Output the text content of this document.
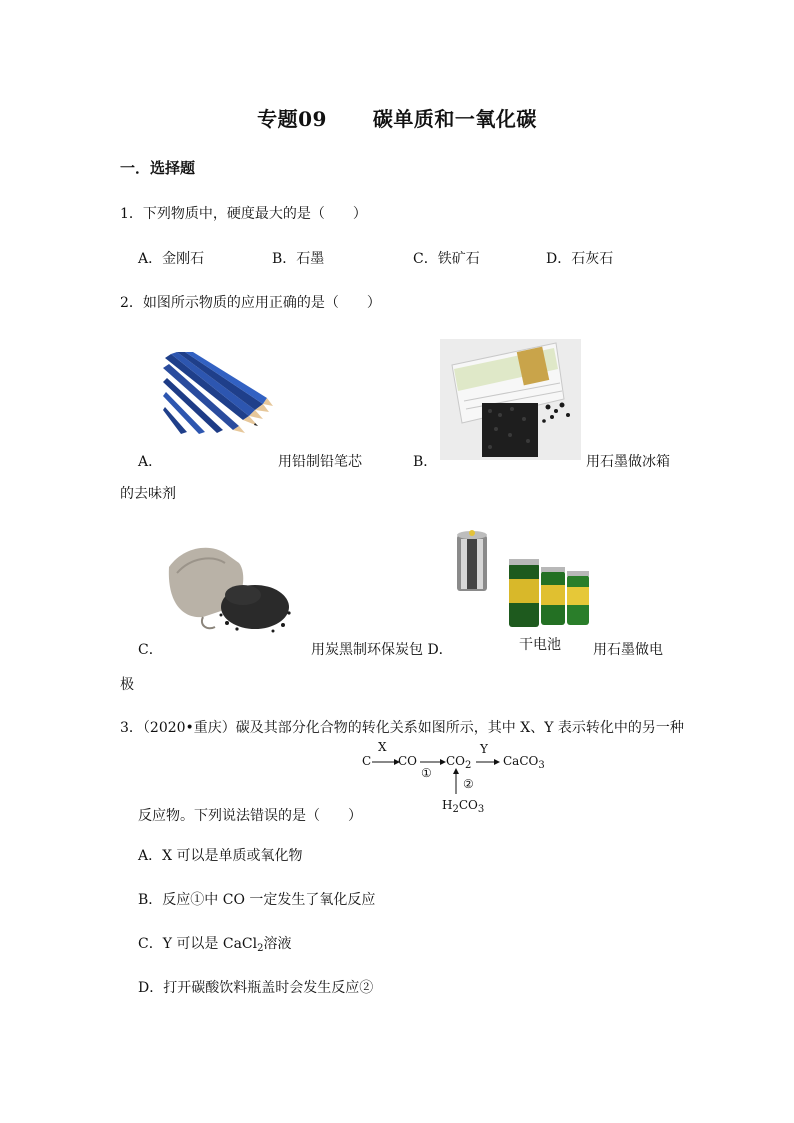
专题09 碳单质和一氧化碳
一．选择题
1．下列物质中，硬度最大的是（　　）
A．金刚石	B．石墨	C．铁矿石	D．石灰石
2．如图所示物质的应用正确的是（　　）
A．	用铅制铅笔芯	B．	用石墨做冰箱
的去味剂
C．	用炭黑制环保炭包 D．	干电池 用石墨做电
极
3．（2020•重庆）碳及其部分化合物的转化关系如图所示，其中 X、Y 表示转化中的另一种
C
X
CO
①
$CO_2$
Y
CaCO$_3$
②
$H_2CO_3$
反应物。下列说法错误的是（　　）
A．X 可以是单质或氧化物
B．反应①中 CO 一定发生了氧化反应
C．Y 可以是 CaCl$_2$溶液
D．打开碳酸饮料瓶盖时会发生反应②
